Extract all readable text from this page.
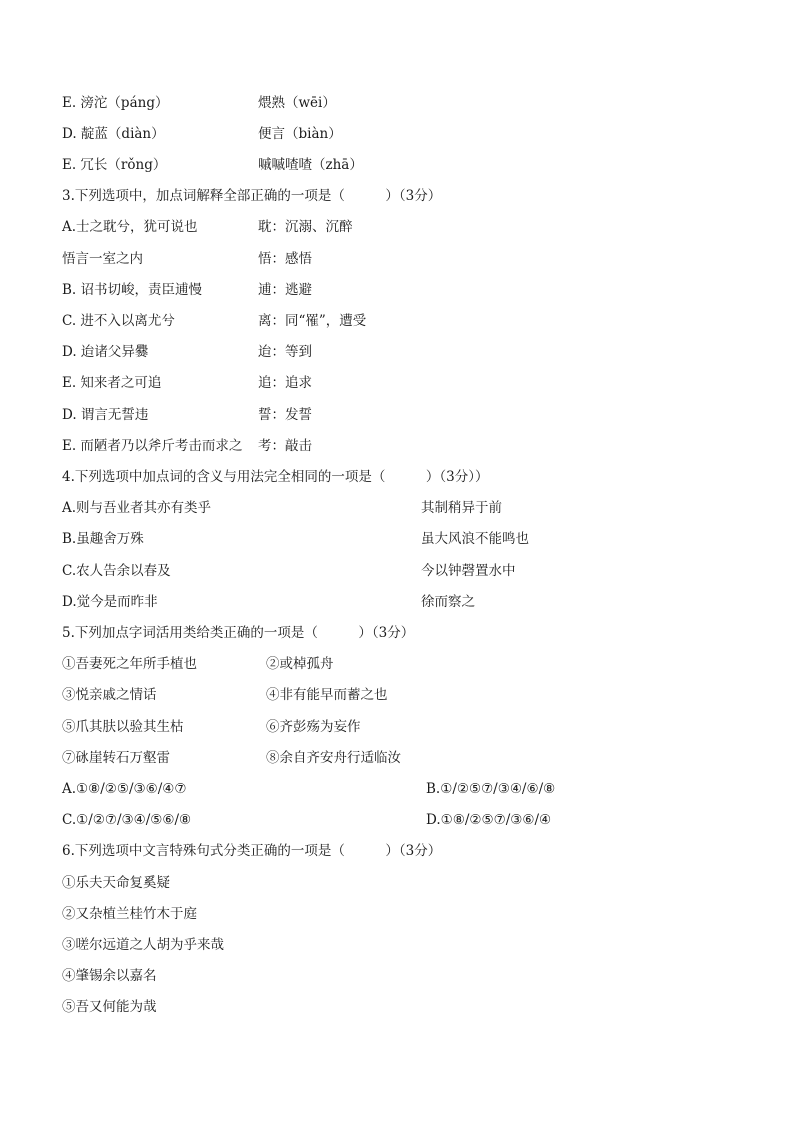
E. 滂沱（páng）	煨熟（wēi）
D. 靛蓝（diàn）	便言（biàn）
E. 冗长（rǒng）	嘁嘁喳喳（zhā）
3.下列选项中，加点词解释全部正确的一项是（　　　）（3分）
A.士之耽兮，犹可说也	耽：沉溺、沉醉
悟言一室之内	悟：感悟
B. 诏书切峻，责臣逋慢	逋：逃避
C. 进不入以离尤兮	离：同“罹”，遭受
D. 迨诸父异爨	迨：等到
E. 知来者之可追	追：追求
D. 谓言无誓违	誓：发誓
E. 而陋者乃以斧斤考击而求之 考：敲击
4.下列选项中加点词的含义与用法完全相同的一项是（　　　）（3分））
A.则与吾业者其亦有类乎	其制稍异于前
B.虽趣舍万殊	虽大风浪不能鸣也
C.农人告余以春及	今以钟磬置水中
D.觉今是而昨非	徐而察之
5.下列加点字词活用类给类正确的一项是（　　　）（3分）
①吾妻死之年所手植也	②或棹孤舟
③悦亲戚之情话	④非有能早而蓄之也
⑤爪其肤以验其生枯	⑥齐彭殇为妄作
⑦砯崖转石万壑雷	⑧余自齐安舟行适临汝
A.①⑧/②⑤/③⑥/④⑦	B.①/②⑤⑦/③④/⑥/⑧
C.①/②⑦/③④/⑤⑥/⑧	D.①⑧/②⑤⑦/③⑥/④
6.下列选项中文言特殊句式分类正确的一项是（　　　）（3分）
①乐夫天命复奚疑
②又杂植兰桂竹木于庭
③嗟尔远道之人胡为乎来哉
④肇锡余以嘉名
⑤吾又何能为哉
